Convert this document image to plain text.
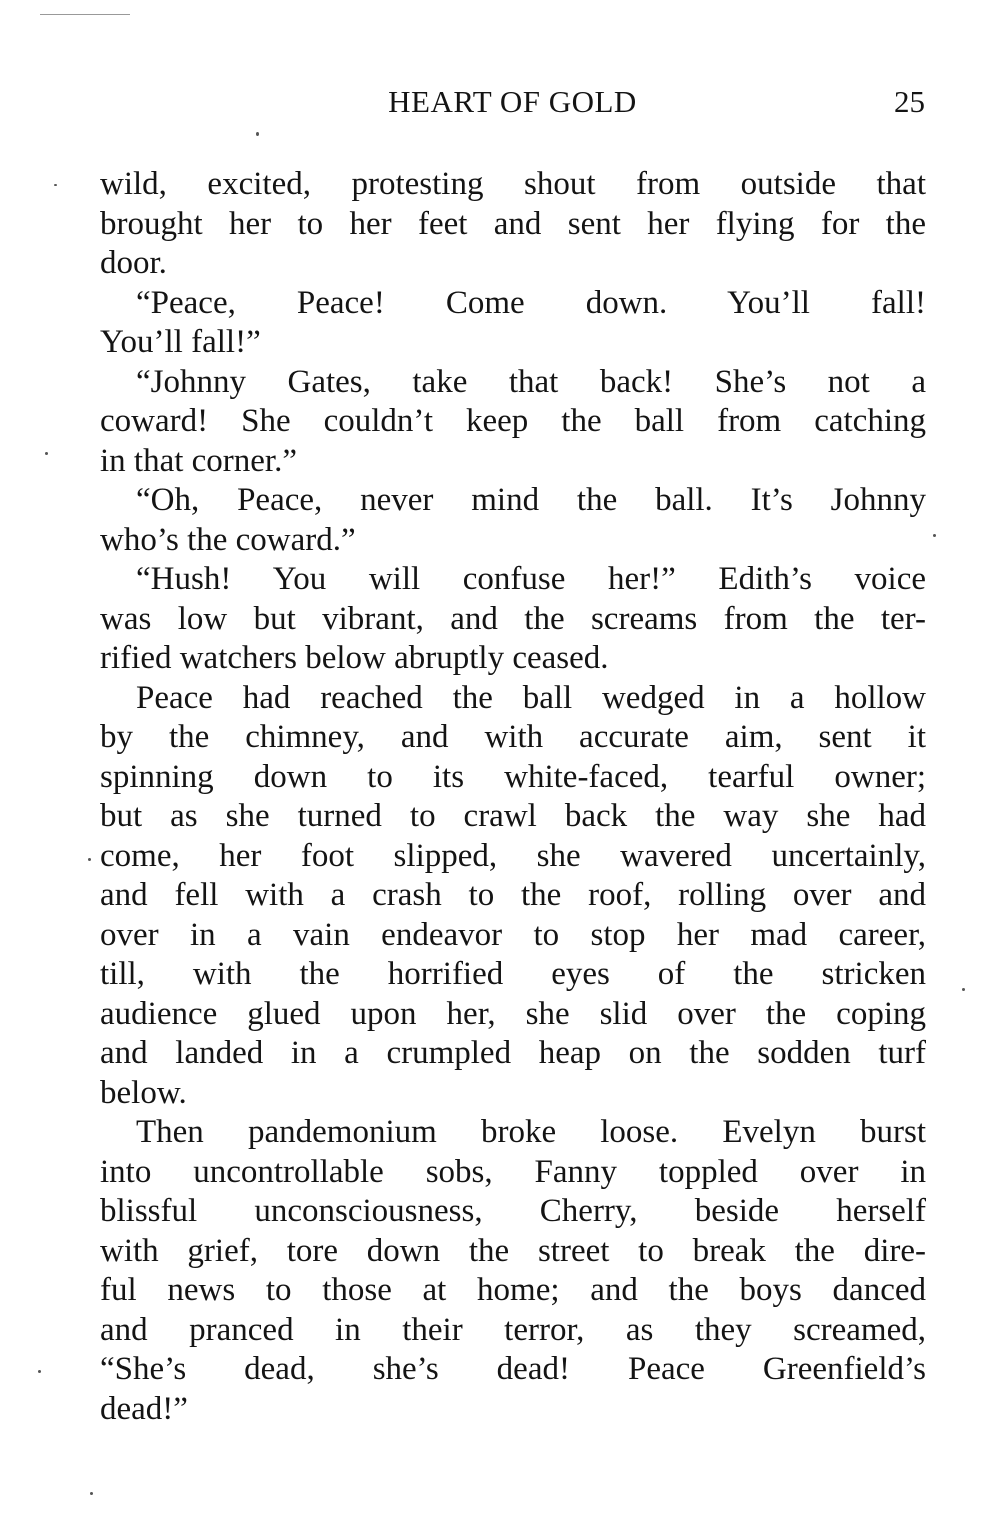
HEART OF GOLD	25
wild, excited, protesting shout from outside that
brought her to her feet and sent her flying for the
door.
“Peace, Peace! Come down. You’ll fall!
You’ll fall!”
“Johnny Gates, take that back! She’s not a
coward! She couldn’t keep the ball from catching
in that corner.”
“Oh, Peace, never mind the ball. It’s Johnny
who’s the coward.”
“Hush! You will confuse her!” Edith’s voice
was low but vibrant, and the screams from the ter-
rified watchers below abruptly ceased.
Peace had reached the ball wedged in a hollow
by the chimney, and with accurate aim, sent it
spinning down to its white-faced, tearful owner;
but as she turned to crawl back the way she had
come, her foot slipped, she wavered uncertainly,
and fell with a crash to the roof, rolling over and
over in a vain endeavor to stop her mad career,
till, with the horrified eyes of the stricken
audience glued upon her, she slid over the coping
and landed in a crumpled heap on the sodden turf
below.
Then pandemonium broke loose. Evelyn burst
into uncontrollable sobs, Fanny toppled over in
blissful unconsciousness, Cherry, beside herself
with grief, tore down the street to break the dire-
ful news to those at home; and the boys danced
and pranced in their terror, as they screamed,
“She’s dead, she’s dead! Peace Greenfield’s
dead!”
